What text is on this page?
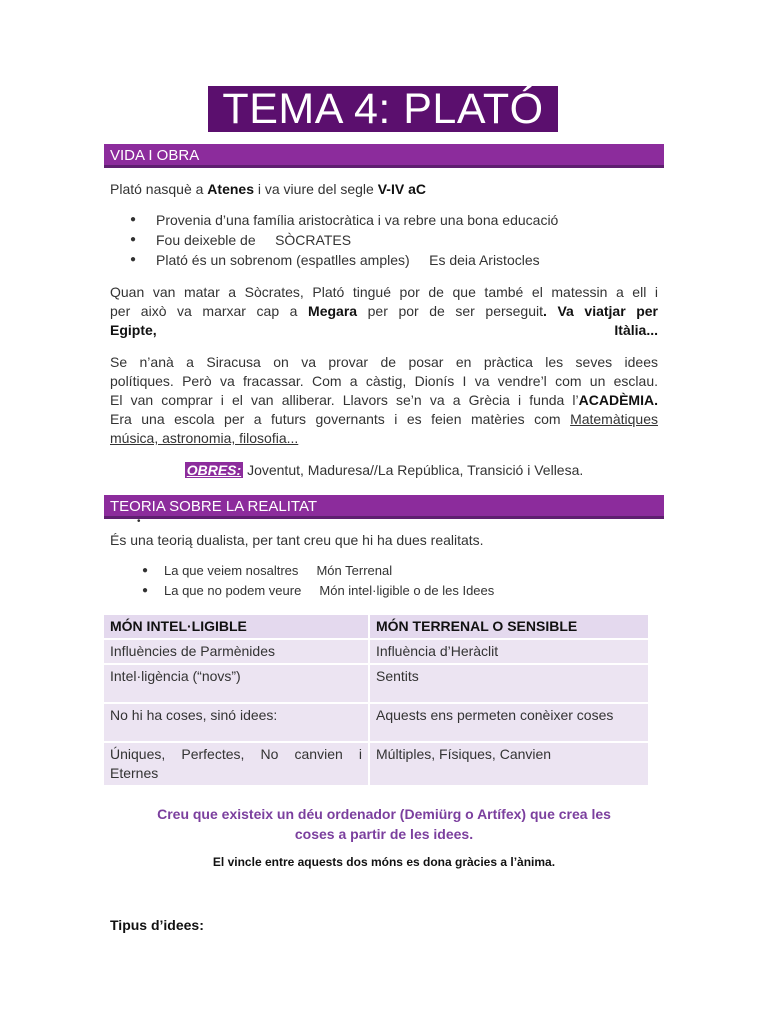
TEMA 4: PLATÓ
VIDA I OBRA
Plató nasquè a Atenes i va viure del segle V-IV aC
● Provenia d’una família aristocràtica i va rebre una bona educació
● Fou deixeble de     SÒCRATES
● Plató és un sobrenom (espatlles amples)     Es deia Aristocles
Quan van matar a Sòcrates, Plató tingué por de que també el matessin a ell i
per això va marxar cap a Megara per por de ser perseguit. Va viatjar per
Egipte,	Itàlia...
Se n’anà a Siracusa on va provar de posar en pràctica les seves idees
polítiques. Però va fracassar. Com a càstig, Dionís I va vendre’l com un esclau.
El van comprar i el van alliberar. Llavors se’n va a Grècia i funda l’ACADÈMIA.
Era una escola per a futurs governants i es feien matèries com Matemàtiques
música, astronomia, filosofia...
OBRES: Joventut, Maduresa//La República, Transició i Vellesa.
TEORIA SOBRE LA REALITAT
•
És una teorią dualista, per tant creu que hi ha dues realitats.
● La que veiem nosaltres     Món Terrenal
● La que no podem veure     Món intel·ligible o de les Idees
MÓN INTEL·LIGIBLE	MÓN TERRENAL O SENSIBLE
Influències de Parmènides	Influència d’Heràclit
Intel·ligència (“novs”)	Sentits
No hi ha coses, sinó idees:	Aquests ens permeten conèixer coses
Úniques, Perfectes, No canvien i Eternes	Múltiples, Físiques, Canvien
Creu que existeix un déu ordenador (Demiürg o Artífex) que crea les
coses a partir de les idees.
El vincle entre aquests dos móns es dona gràcies a l’ànima.
Tipus d’idees:
